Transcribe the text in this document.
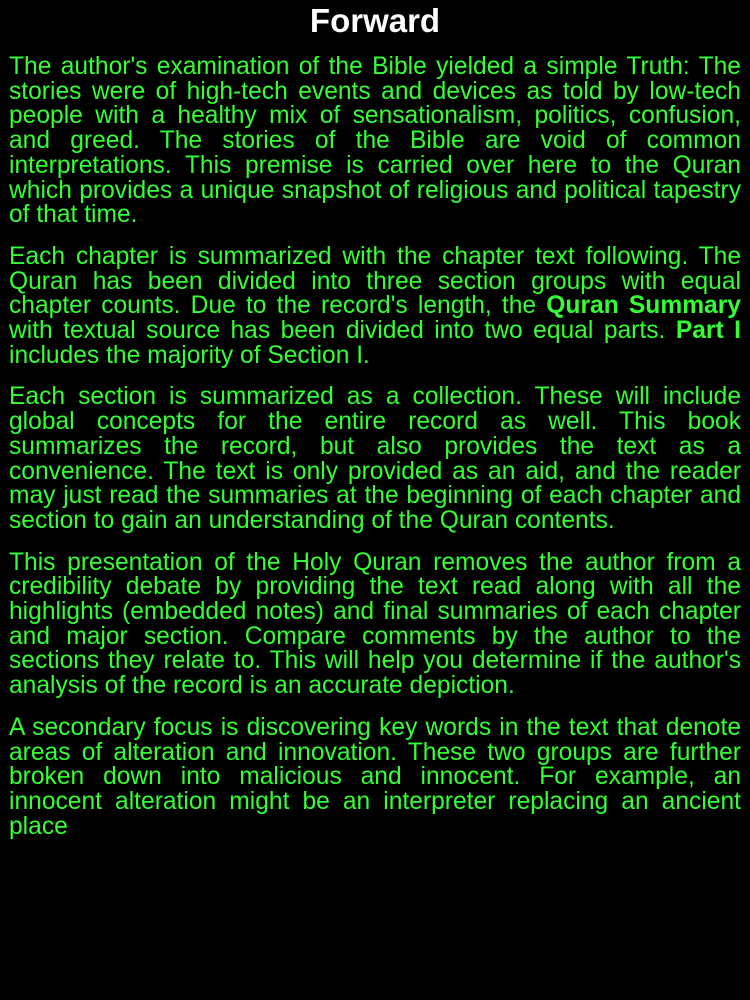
Forward

The author's examination of the Bible yielded a simple Truth: The stories were of high-tech events and devices as told by low-tech people with a healthy mix of sensationalism, politics, confusion, and greed. The stories of the Bible are void of common interpretations. This premise is carried over here to the Quran which provides a unique snapshot of religious and political tapestry of that time.

Each chapter is summarized with the chapter text following. The Quran has been divided into three section groups with equal chapter counts. Due to the record's length, the Quran Summary with textual source has been divided into two equal parts. Part I includes the majority of Section I.

Each section is summarized as a collection. These will include global concepts for the entire record as well. This book summarizes the record, but also provides the text as a convenience. The text is only provided as an aid, and the reader may just read the summaries at the beginning of each chapter and section to gain an understanding of the Quran contents.

This presentation of the Holy Quran removes the author from a credibility debate by providing the text read along with all the highlights (embedded notes) and final summaries of each chapter and major section. Compare comments by the author to the sections they relate to. This will help you determine if the author's analysis of the record is an accurate depiction.

A secondary focus is discovering key words in the text that denote areas of alteration and innovation. These two groups are further broken down into malicious and innocent. For example, an innocent alteration might be an interpreter replacing an ancient place
